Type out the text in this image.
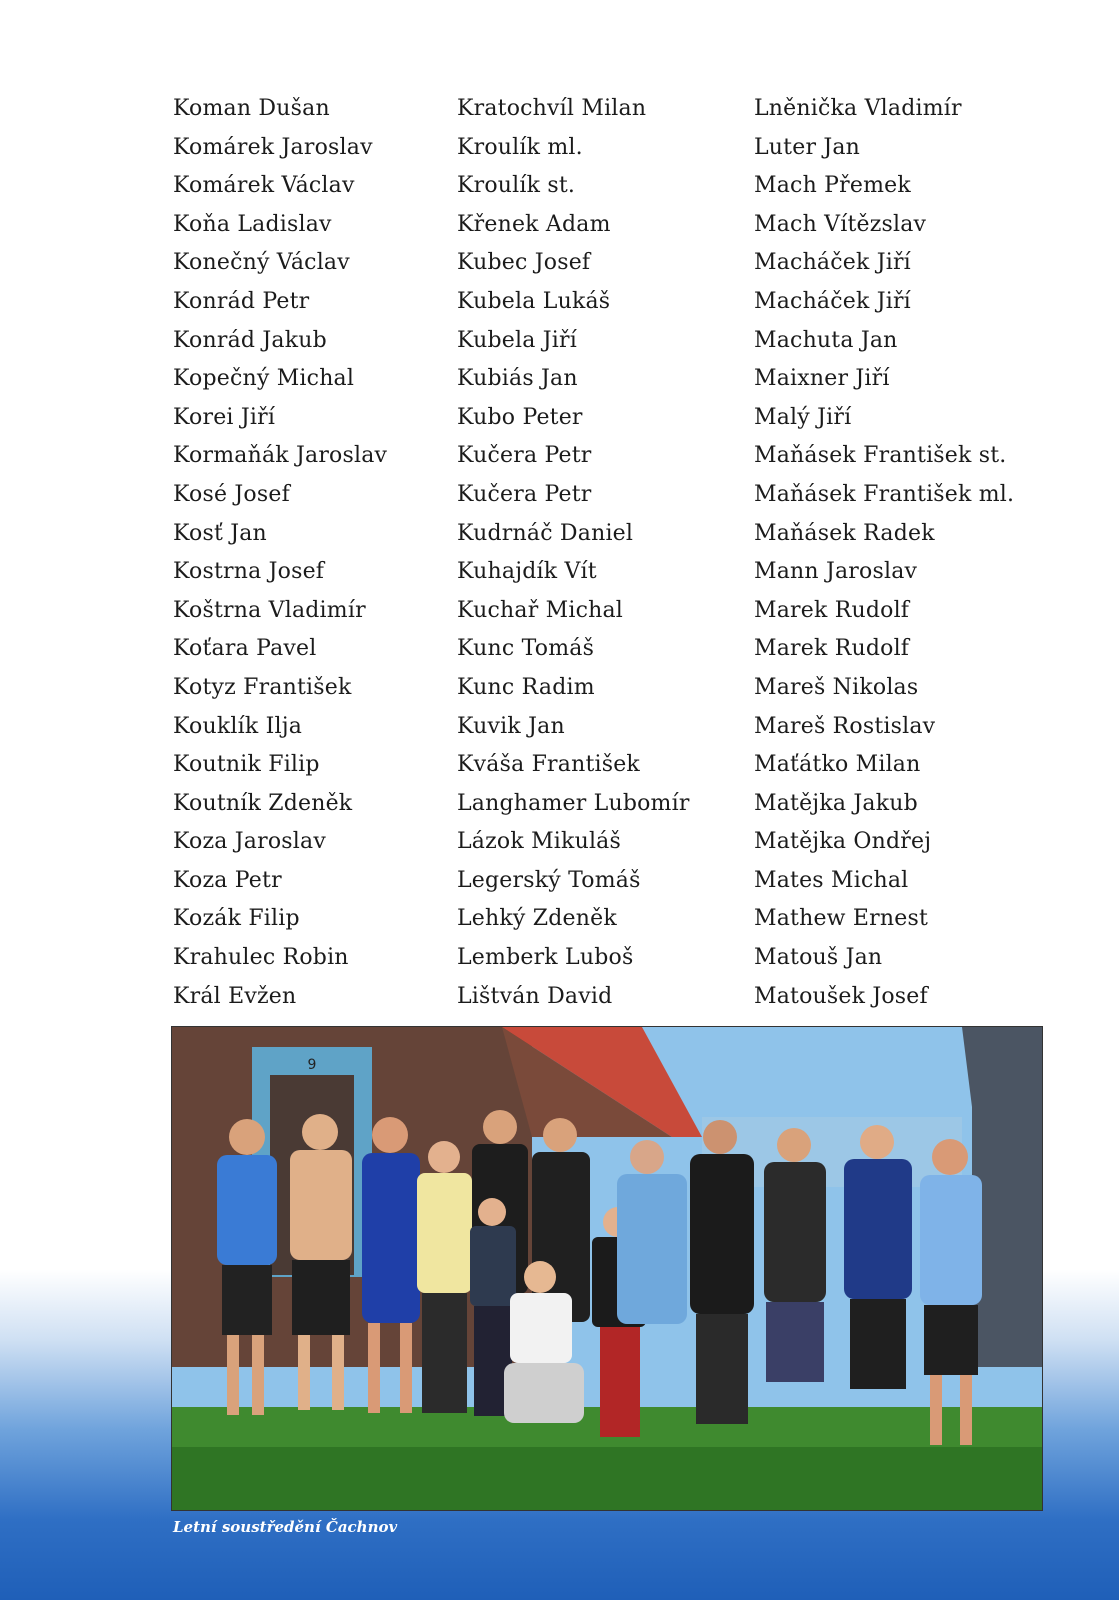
Koman Dušan
Komárek Jaroslav
Komárek Václav
Koňa Ladislav
Konečný Václav
Konrád Petr
Konrád Jakub
Kopečný Michal
Korei Jiří
Kormaňák Jaroslav
Kosé Josef
Kosť Jan
Kostrna Josef
Koštrna Vladimír
Koťara Pavel
Kotyz František
Kouklík Ilja
Koutnik Filip
Koutník Zdeněk
Koza Jaroslav
Koza Petr
Kozák Filip
Krahulec Robin
Král Evžen
Kratochvíl Milan
Kroulík ml.
Kroulík st.
Křenek Adam
Kubec Josef
Kubela Lukáš
Kubela Jiří
Kubiás Jan
Kubo Peter
Kučera Petr
Kučera Petr
Kudrnáč Daniel
Kuhajdík Vít
Kuchař Michal
Kunc Tomáš
Kunc Radim
Kuvik Jan
Kváša František
Langhamer Lubomír
Lázok Mikuláš
Legerský Tomáš
Lehký Zdeněk
Lemberk Luboš
Lištván David
Lněnička Vladimír
Luter Jan
Mach Přemek
Mach Vítězslav
Macháček Jiří
Macháček Jiří
Machuta Jan
Maixner Jiří
Malý Jiří
Maňásek František st.
Maňásek František ml.
Maňásek Radek
Mann Jaroslav
Marek Rudolf
Marek Rudolf
Mareš Nikolas
Mareš Rostislav
Maťátko Milan
Matějka Jakub
Matějka Ondřej
Mates Michal
Mathew Ernest
Matouš Jan
Matoušek Josef
9
Letní soustředění Čachnov
